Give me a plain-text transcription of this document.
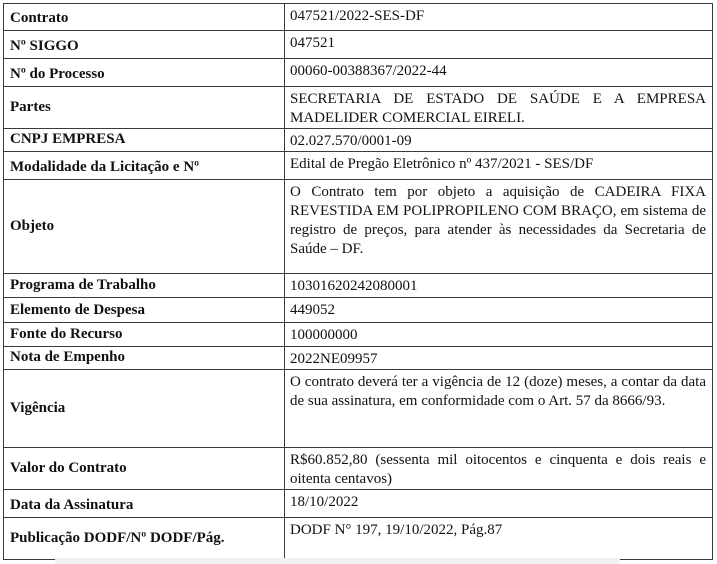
Contrato	047521/2022-SES-DF
Nº SIGGO	047521
Nº do Processo	00060-00388367/2022-44
Partes	SECRETARIA DE ESTADO DE SAÚDE E A EMPRESA MADELIDER COMERCIAL EIRELI.
CNPJ EMPRESA	02.027.570/0001-09
Modalidade da Licitação e Nº	Edital de Pregão Eletrônico nº 437/2021 - SES/DF
Objeto	O Contrato tem por objeto a aquisição de CADEIRA FIXA REVESTIDA EM POLIPROPILENO COM BRAÇO, em sistema de registro de preços, para atender às necessidades da Secretaria de Saúde – DF.
Programa de Trabalho	10301620242080001
Elemento de Despesa	449052
Fonte do Recurso	100000000
Nota de Empenho	2022NE09957
Vigência	O contrato deverá ter a vigência de 12 (doze) meses, a contar da data de sua assinatura, em conformidade com o Art. 57 da 8666/93.
Valor do Contrato	R$60.852,80 (sessenta mil oitocentos e cinquenta e dois reais e oitenta centavos)
Data da Assinatura	18/10/2022
Publicação DODF/Nº DODF/Pág.	DODF N° 197, 19/10/2022, Pág.87
